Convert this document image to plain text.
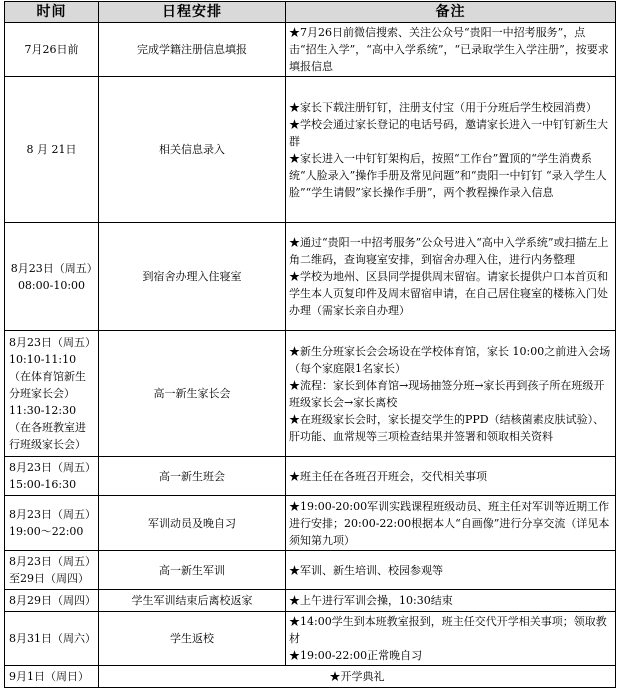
时间	日程安排	备注
7月26日前	完成学籍注册信息填报	★7月26日前微信搜索、关注公众号“贵阳一中招考服务”，点击“招生入学”，“高中入学系统”，“已录取学生入学注册”，按要求填报信息

8 月 21日	相关信息录入	★家长下载注册钉钉，注册支付宝（用于分班后学生校园消费）
★学校会通过家长登记的电话号码，邀请家长进入一中钉钉新生大群
★家长进入一中钉钉架构后，按照“工作台”置顶的“学生消费系统“人脸录入”操作手册及常见问题”和“贵阳一中钉钉 “录入学生人脸”“学生请假”家长操作手册”，两个教程操作录入信息

8月23日（周五）08:00-10:00	到宿舍办理入住寝室	★通过“贵阳一中招考服务”公众号进入“高中入学系统”或扫描左上角二维码，查询寝室安排，到宿舍办理入住，进行内务整理
★学校为地州、区县同学提供周末留宿。请家长提供户口本首页和学生本人页复印件及周末留宿申请，在自己居住寝室的楼栋入门处办理（需家长亲自办理）

8月23日（周五）10:10-11:10（在体育馆新生分班家长会）11:30-12:30（在各班教室进行班级家长会）	高一新生家长会	★新生分班家长会会场设在学校体育馆，家长 10:00之前进入会场（每个家庭限1名家长）
★流程：家长到体育馆→现场抽签分班→家长再到孩子所在班级开班级家长会→家长离校
★在班级家长会时，家长提交学生的PPD（结核菌素皮肤试验）、肝功能、血常规等三项检查结果并签署和领取相关资料

8月23日（周五）15:00-16:30	高一新生班会	★班主任在各班召开班会，交代相关事项

8月23日（周五）19:00～22:00	军训动员及晚自习	★19:00-20:00军训实践课程班级动员、班主任对军训等近期工作进行安排；20:00-22:00根据本人“自画像”进行分享交流（详见本须知第九项）

8月23日（周五）至29日（周四）	高一新生军训	★军训、新生培训、校园参观等

8月29日（周四）	学生军训结束后离校返家	★上午进行军训会操，10:30结束

8月31日（周六）	学生返校	★14:00学生到本班教室报到，班主任交代开学相关事项；领取教材
★19:00-22:00正常晚自习

9月1日（周日）	★开学典礼	
